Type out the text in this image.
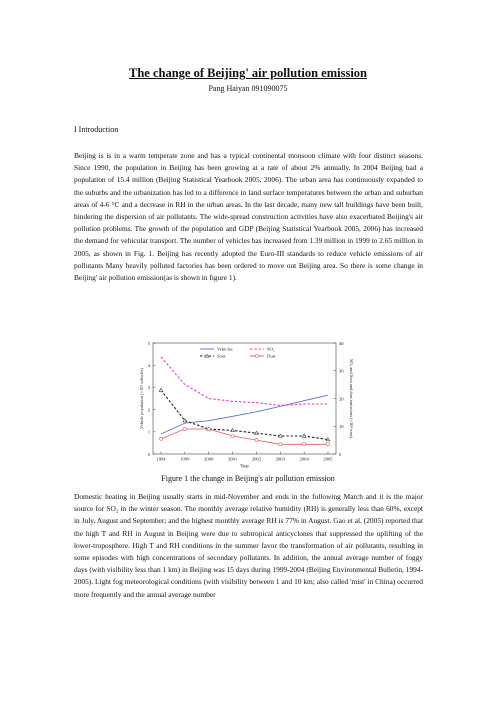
The change of Beijing' air pollution emission
Pang Haiyan 091090075
I Introduction
Beijing is is in a warm temperate zone and has a typical continental monsoon climate with four distinct seasons. Since 1990, the population in Beijing has been growing at a rate of about 2% annually. In 2004 Beijing had a population of 15.4 million (Beijing Statistical Yearbook 2005, 2006). The urban area has continuously expanded to the suburbs and the urbanization has led to a difference in land surface temperatures between the urban and suburban areas of 4-6 °C and a decrease in RH in the urban areas. In the last decade, many new tall buildings have been built, hindering the dispersion of air pollutants. The wide-spread construction activities have also exacerbated Beijing's air pollution problems. The growth of the population and GDP (Beijing Statistical Yearbook 2005, 2006) has increased the demand for vehicular transport. The number of vehicles has increased from 1.39 million in 1999 to 2.65 million in 2005, as shown in Fig. 1. Beijing has recently adopted the Euro-III standards to reduce vehicle emissions of air pollutants Many heavily polluted factories has been ordered to move out Beijing area. So there is some change in Beijing' air pollution emission(as is shown in figure 1).
0
1
2
3
4
5
0
10
20
30
40
1994	1999	2000	2001	2002	2003	2004	2005
Year
Vehicle population (×10⁶ vehicles)	SO₂ and Soot and dust emissions (×10⁴ tons)
Vehicles	SO₂
Soot	Dust
Figure 1 the change in Beijing's air pollution emission
Domestic heating in Beijing usually starts in mid-November and ends in the following March and it is the major source for SO₂ in the winter season. The monthly average relative humidity (RH) is generally less than 60%, except in July, August and September; and the highest monthly average RH is 77% in August. Gao et al. (2005) reported that the high T and RH in August in Beijing were due to subtropical anticyclones that suppressed the uplifting of the lower-troposphere. High T and RH conditions in the summer favor the transformation of air pollutants, resulting in some episodes with high concentrations of secondary pollutants. In addition, the annual average number of foggy days (with visibility less than 1 km) in Beijing was 15 days during 1999-2004 (Beijing Environmental Bulletin, 1994-2005). Light fog meteorological conditions (with visibility between 1 and 10 km; also called 'mist' in China) occurred more frequently and the annual average number
